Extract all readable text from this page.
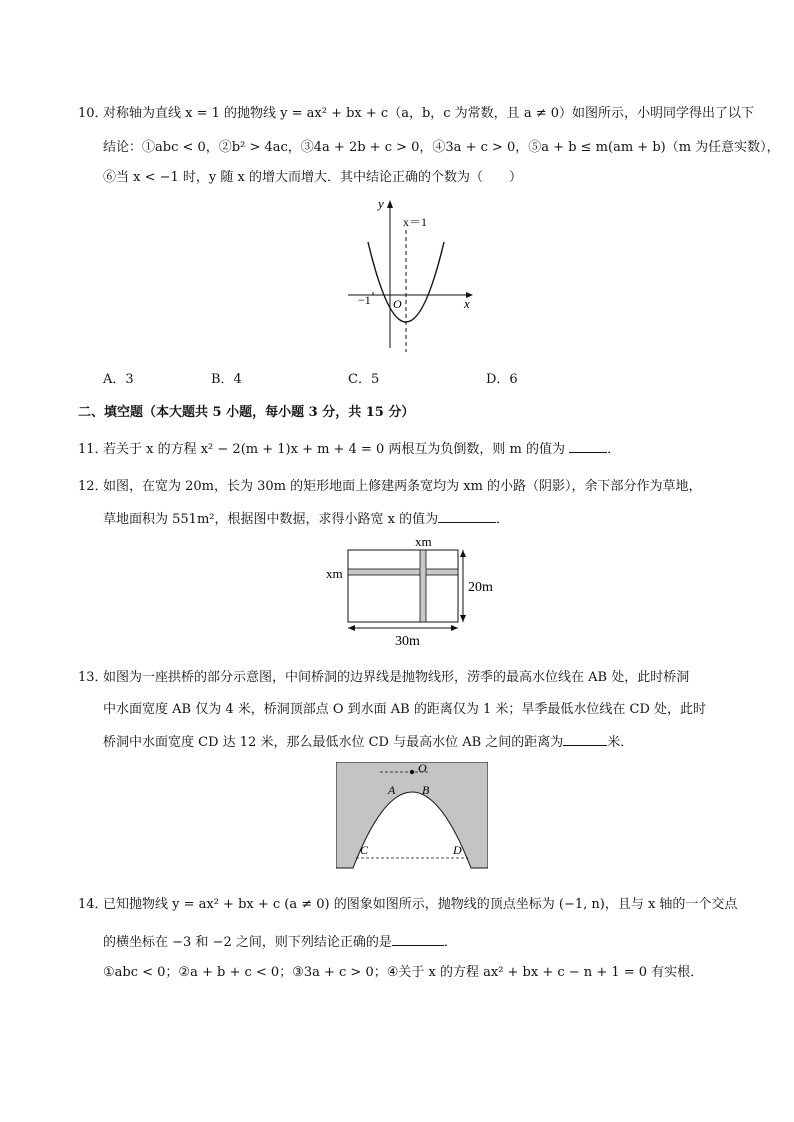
10．对称轴为直线 x = 1 的抛物线 y = ax² + bx + c（a，b，c 为常数，且 a ≠ 0）如图所示，小明同学得出了以下
结论：①abc < 0，②b² > 4ac，③4a + 2b + c > 0，④3a + c > 0，⑤a + b ≤ m(am + b)（m 为任意实数），
⑥当 x < −1 时，y 随 x 的增大而增大．其中结论正确的个数为（　　）
y
x
x＝1
O
−1
A．3	B．4	C．5	D．6
二、填空题（本大题共 5 小题，每小题 3 分，共 15 分）
11．若关于 x 的方程 x² − 2(m + 1)x + m + 4 = 0 两根互为负倒数，则 m 的值为	．
12．如图，在宽为 20m，长为 30m 的矩形地面上修建两条宽均为 xm 的小路（阴影），余下部分作为草地，
草地面积为 551m²，根据图中数据，求得小路宽 x 的值为	．
xm
xm
20m
30m
13．如图为一座拱桥的部分示意图，中间桥洞的边界线是抛物线形，涝季的最高水位线在 AB 处，此时桥洞
中水面宽度 AB 仅为 4 米，桥洞顶部点 O 到水面 AB 的距离仅为 1 米；旱季最低水位线在 CD 处，此时
桥洞中水面宽度 CD 达 12 米，那么最低水位 CD 与最高水位 AB 之间的距离为	米．
O
A B
C	D
14．已知抛物线 y = ax² + bx + c (a ≠ 0) 的图象如图所示，抛物线的顶点坐标为 (−1, n)，且与 x 轴的一个交点
的横坐标在 −3 和 −2 之间，则下列结论正确的是	．
①abc < 0；②a + b + c < 0；③3a + c > 0；④关于 x 的方程 ax² + bx + c − n + 1 = 0 有实根．
